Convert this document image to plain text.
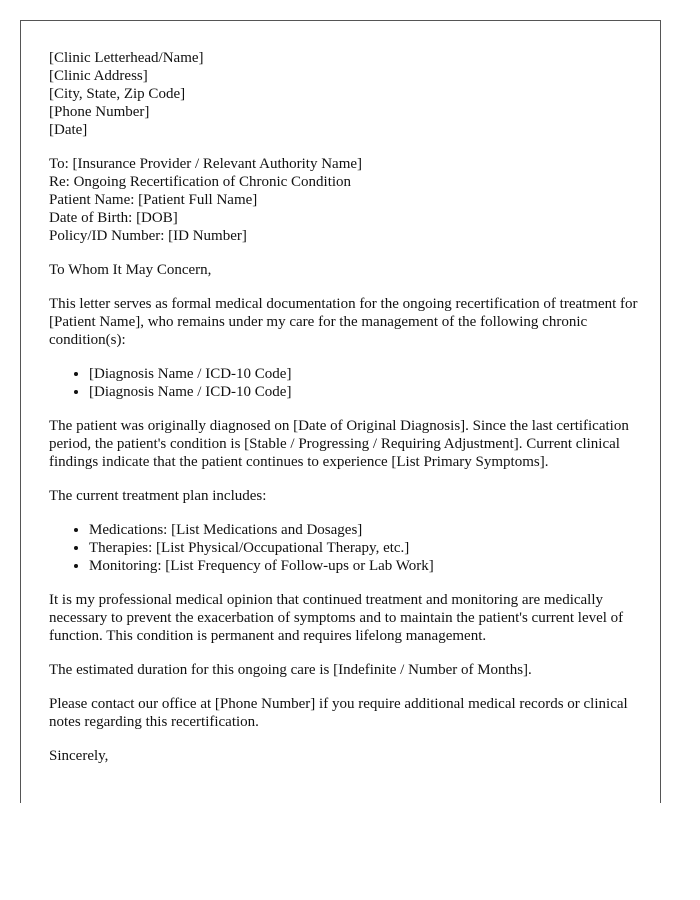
[Clinic Letterhead/Name]
[Clinic Address]
[City, State, Zip Code]
[Phone Number]
[Date]

To: [Insurance Provider / Relevant Authority Name]
Re: Ongoing Recertification of Chronic Condition
Patient Name: [Patient Full Name]
Date of Birth: [DOB]
Policy/ID Number: [ID Number]

To Whom It May Concern,

This letter serves as formal medical documentation for the ongoing recertification of treatment for [Patient Name], who remains under my care for the management of the following chronic condition(s):

• [Diagnosis Name / ICD-10 Code]
• [Diagnosis Name / ICD-10 Code]

The patient was originally diagnosed on [Date of Original Diagnosis]. Since the last certification period, the patient's condition is [Stable / Progressing / Requiring Adjustment]. Current clinical findings indicate that the patient continues to experience [List Primary Symptoms].

The current treatment plan includes:

• Medications: [List Medications and Dosages]
• Therapies: [List Physical/Occupational Therapy, etc.]
• Monitoring: [List Frequency of Follow-ups or Lab Work]

It is my professional medical opinion that continued treatment and monitoring are medically necessary to prevent the exacerbation of symptoms and to maintain the patient's current level of function. This condition is permanent and requires lifelong management.

The estimated duration for this ongoing care is [Indefinite / Number of Months].

Please contact our office at [Phone Number] if you require additional medical records or clinical notes regarding this recertification.

Sincerely,
